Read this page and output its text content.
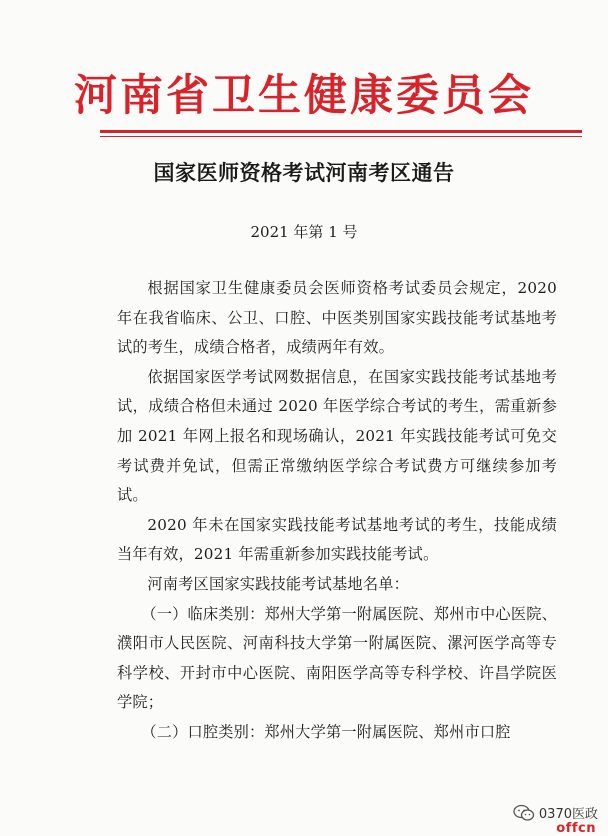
河南省卫生健康委员会
国家医师资格考试河南考区通告
2021 年第 1 号

根据国家卫生健康委员会医师资格考试委员会规定，2020 年在我省临床、公卫、口腔、中医类别国家实践技能考试基地考试的考生，成绩合格者，成绩两年有效。

依据国家医学考试网数据信息，在国家实践技能考试基地考试，成绩合格但未通过 2020 年医学综合考试的考生，需重新参加 2021 年网上报名和现场确认，2021 年实践技能考试可免交考试费并免试，但需正常缴纳医学综合考试费方可继续参加考试。

2020 年未在国家实践技能考试基地考试的考生，技能成绩当年有效，2021 年需重新参加实践技能考试。

河南考区国家实践技能考试基地名单：

（一）临床类别：郑州大学第一附属医院、郑州市中心医院、濮阳市人民医院、河南科技大学第一附属医院、漯河医学高等专科学校、开封市中心医院、南阳医学高等专科学校、许昌学院医学院；

（二）口腔类别：郑州大学第一附属医院、郑州市口腔

0370医政
offcn
